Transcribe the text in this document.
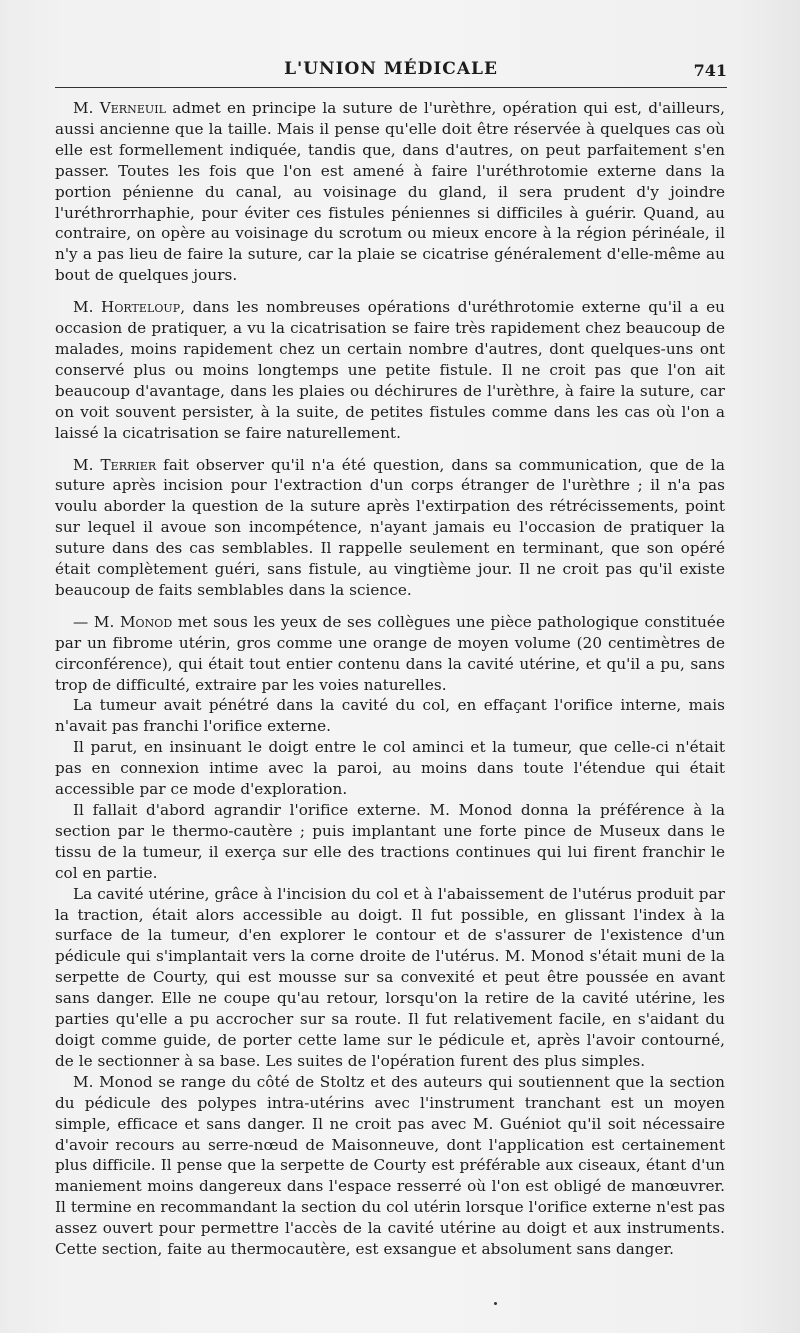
L'UNION MÉDICALE	741

M. Verneuil admet en principe la suture de l'urèthre, opération qui est, d'ailleurs, aussi ancienne que la taille. Mais il pense qu'elle doit être réservée à quelques cas où elle est formellement indiquée, tandis que, dans d'autres, on peut parfaitement s'en passer. Toutes les fois que l'on est amené à faire l'uréthrotomie externe dans la portion pénienne du canal, au voisinage du gland, il sera prudent d'y joindre l'uréthrorrhaphie, pour éviter ces fistules péniennes si difficiles à guérir. Quand, au contraire, on opère au voisinage du scrotum ou mieux encore à la région périnéale, il n'y a pas lieu de faire la suture, car la plaie se cicatrise généralement d'elle-même au bout de quelques jours.

M. Horteloup, dans les nombreuses opérations d'uréthrotomie externe qu'il a eu occasion de pratiquer, a vu la cicatrisation se faire très rapidement chez beaucoup de malades, moins rapidement chez un certain nombre d'autres, dont quelques-uns ont conservé plus ou moins longtemps une petite fistule. Il ne croit pas que l'on ait beaucoup d'avantage, dans les plaies ou déchirures de l'urèthre, à faire la suture, car on voit souvent persister, à la suite, de petites fistules comme dans les cas où l'on a laissé la cicatrisation se faire naturellement.

M. Terrier fait observer qu'il n'a été question, dans sa communication, que de la suture après incision pour l'extraction d'un corps étranger de l'urèthre ; il n'a pas voulu aborder la question de la suture après l'extirpation des rétrécissements, point sur lequel il avoue son incompétence, n'ayant jamais eu l'occasion de pratiquer la suture dans des cas semblables. Il rappelle seulement en terminant, que son opéré était complètement guéri, sans fistule, au vingtième jour. Il ne croit pas qu'il existe beaucoup de faits semblables dans la science.

— M. Monod met sous les yeux de ses collègues une pièce pathologique constituée par un fibrome utérin, gros comme une orange de moyen volume (20 centimètres de circonférence), qui était tout entier contenu dans la cavité utérine, et qu'il a pu, sans trop de difficulté, extraire par les voies naturelles.

La tumeur avait pénétré dans la cavité du col, en effaçant l'orifice interne, mais n'avait pas franchi l'orifice externe.

Il parut, en insinuant le doigt entre le col aminci et la tumeur, que celle-ci n'était pas en connexion intime avec la paroi, au moins dans toute l'étendue qui était accessible par ce mode d'exploration.

Il fallait d'abord agrandir l'orifice externe. M. Monod donna la préférence à la section par le thermo-cautère ; puis implantant une forte pince de Museux dans le tissu de la tumeur, il exerça sur elle des tractions continues qui lui firent franchir le col en partie.

La cavité utérine, grâce à l'incision du col et à l'abaissement de l'utérus produit par la traction, était alors accessible au doigt. Il fut possible, en glissant l'index à la surface de la tumeur, d'en explorer le contour et de s'assurer de l'existence d'un pédicule qui s'implantait vers la corne droite de l'utérus. M. Monod s'était muni de la serpette de Courty, qui est mousse sur sa convexité et peut être poussée en avant sans danger. Elle ne coupe qu'au retour, lorsqu'on la retire de la cavité utérine, les parties qu'elle a pu accrocher sur sa route. Il fut relativement facile, en s'aidant du doigt comme guide, de porter cette lame sur le pédicule et, après l'avoir contourné, de le sectionner à sa base. Les suites de l'opération furent des plus simples.

M. Monod se range du côté de Stoltz et des auteurs qui soutiennent que la section du pédicule des polypes intra-utérins avec l'instrument tranchant est un moyen simple, efficace et sans danger. Il ne croit pas avec M. Guéniot qu'il soit nécessaire d'avoir recours au serre-nœud de Maisonneuve, dont l'application est certainement plus difficile. Il pense que la serpette de Courty est préférable aux ciseaux, étant d'un maniement moins dangereux dans l'espace resserré où l'on est obligé de manœuvrer. Il termine en recommandant la section du col utérin lorsque l'orifice externe n'est pas assez ouvert pour permettre l'accès de la cavité utérine au doigt et aux instruments. Cette section, faite au thermocautère, est exsangue et absolument sans danger.
